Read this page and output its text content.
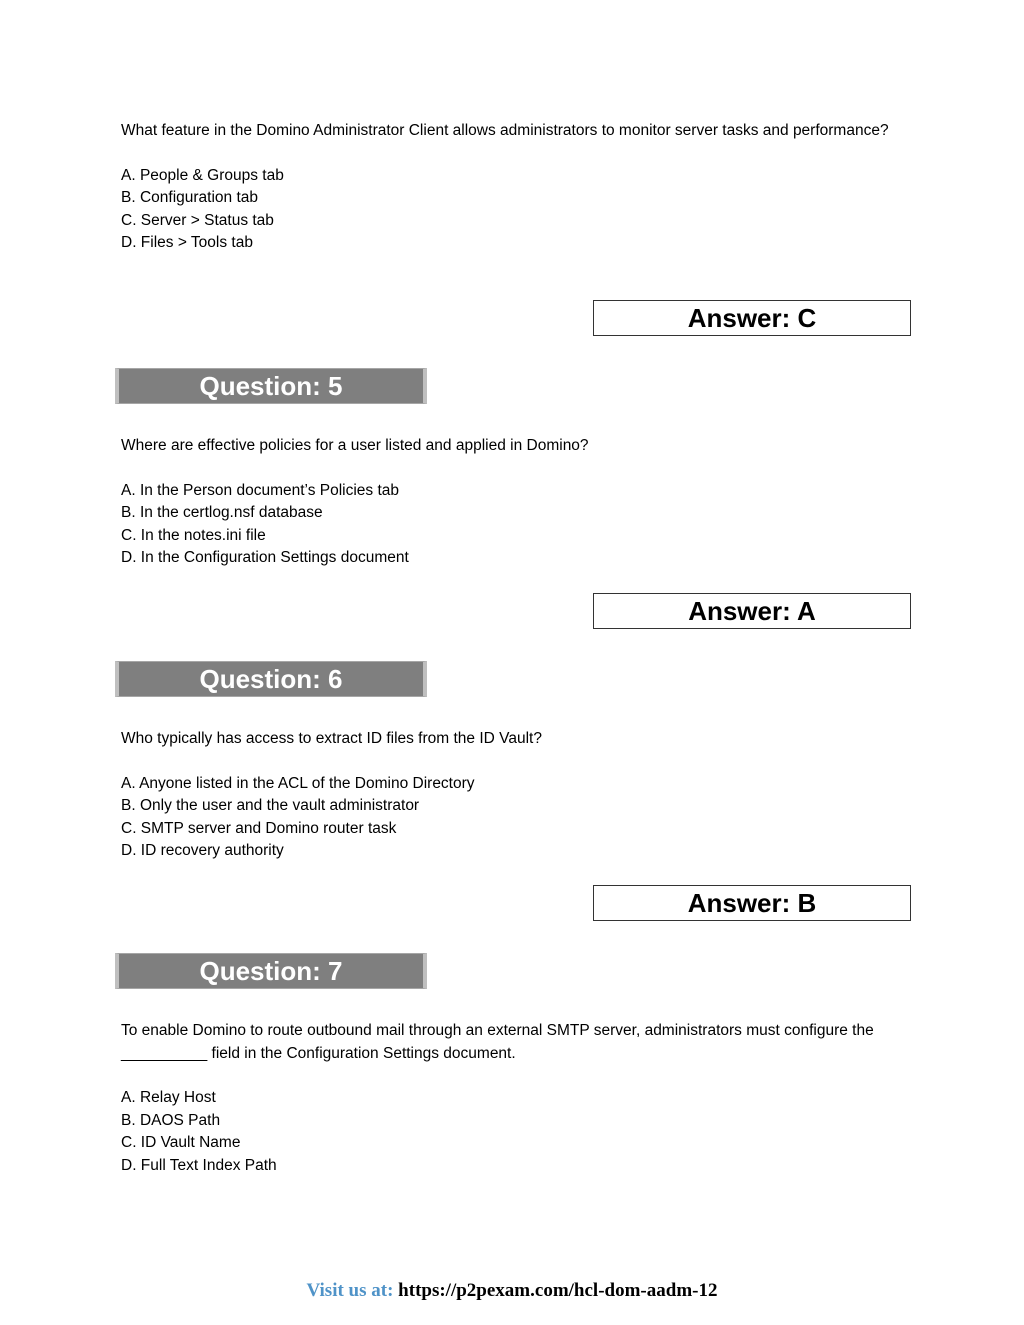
What feature in the Domino Administrator Client allows administrators to monitor server tasks and performance?

A. People & Groups tab
B. Configuration tab
C. Server > Status tab
D. Files > Tools tab
Answer: C
Question: 5

Where are effective policies for a user listed and applied in Domino?

A. In the Person document’s Policies tab
B. In the certlog.nsf database
C. In the notes.ini file
D. In the Configuration Settings document
Answer: A
Question: 6

Who typically has access to extract ID files from the ID Vault?

A. Anyone listed in the ACL of the Domino Directory
B. Only the user and the vault administrator
C. SMTP server and Domino router task
D. ID recovery authority
Answer: B
Question: 7

To enable Domino to route outbound mail through an external SMTP server, administrators must configure the __________ field in the Configuration Settings document.

A. Relay Host
B. DAOS Path
C. ID Vault Name
D. Full Text Index Path
Visit us at: https://p2pexam.com/hcl-dom-aadm-12
